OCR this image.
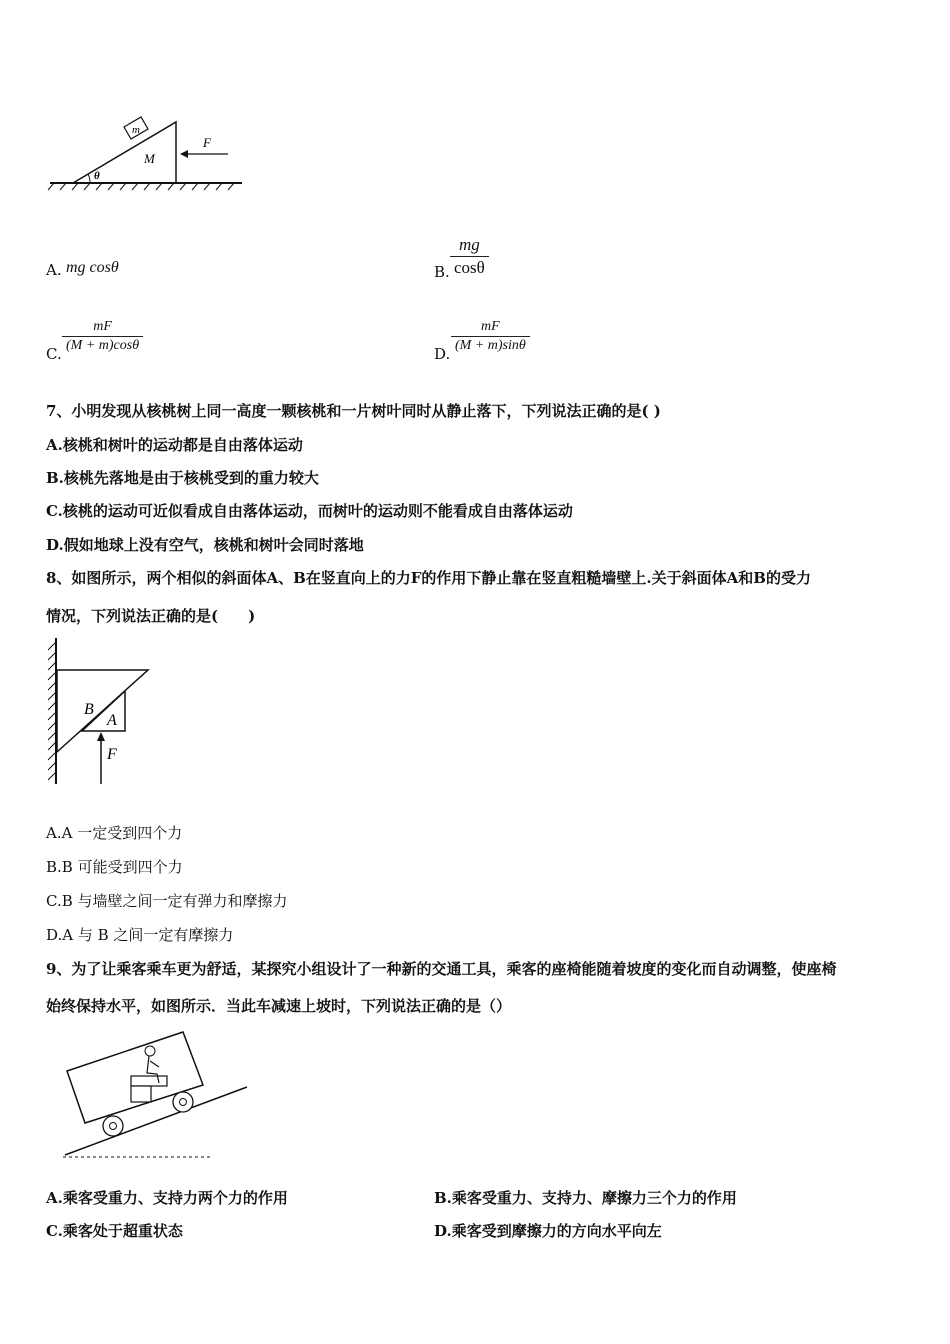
m
M
F
θ
A. mg cosθ	B. $\frac{mg}{\cos\theta}$
C. $\frac{mF}{(M + m)\cos\theta}$	D. $\frac{mF}{(M + m)\sin\theta}$
7、小明发现从核桃树上同一高度一颗核桃和一片树叶同时从静止落下，下列说法正确的是( )
A.核桃和树叶的运动都是自由落体运动
B.核桃先落地是由于核桃受到的重力较大
C.核桃的运动可近似看成自由落体运动，而树叶的运动则不能看成自由落体运动
D.假如地球上没有空气，核桃和树叶会同时落地
8、如图所示，两个相似的斜面体A、B在竖直向上的力F的作用下静止靠在竖直粗糙墙壁上.关于斜面体A和B的受力
情况，下列说法正确的是(　　)
B
A
F
A.A 一定受到四个力
B.B 可能受到四个力
C.B 与墙壁之间一定有弹力和摩擦力
D.A 与 B 之间一定有摩擦力
9、为了让乘客乘车更为舒适，某探究小组设计了一种新的交通工具，乘客的座椅能随着坡度的变化而自动调整，使座椅
始终保持水平，如图所示．当此车减速上坡时，下列说法正确的是（）
A.乘客受重力、支持力两个力的作用	B.乘客受重力、支持力、摩擦力三个力的作用
C.乘客处于超重状态	D.乘客受到摩擦力的方向水平向左
